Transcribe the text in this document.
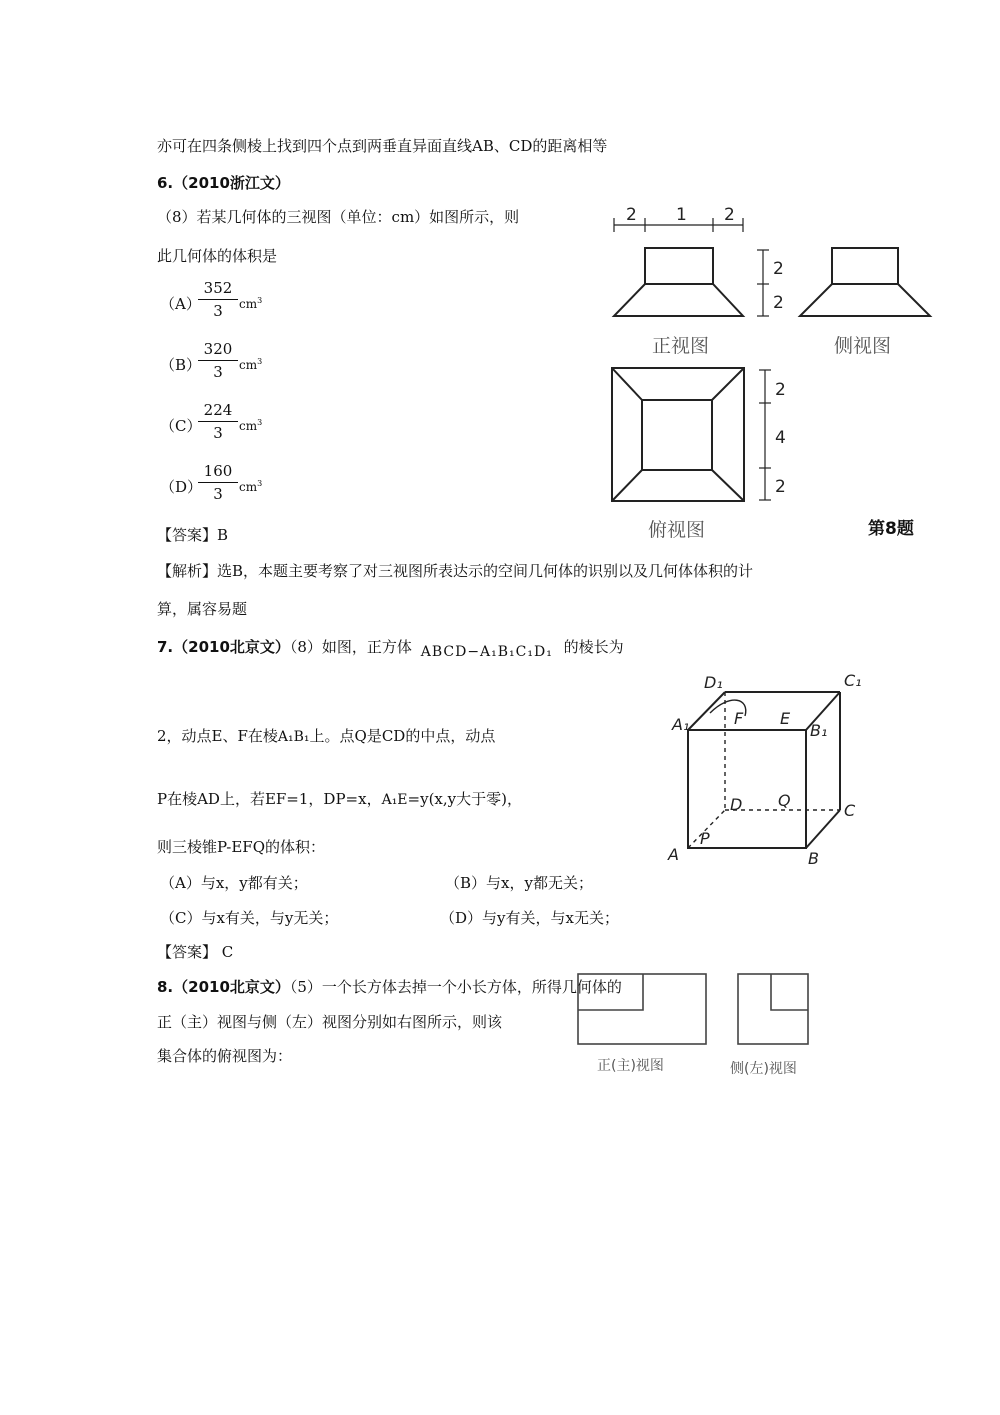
亦可在四条侧棱上找到四个点到两垂直异面直线AB、CD的距离相等
6.（2010浙江文）
（8）若某几何体的三视图（单位：cm）如图所示，则
此几何体的体积是
（A）
$\frac{352}{3} cm^3$
（B）
$\frac{320}{3} cm^3$
（C）
$\frac{224}{3} cm^3$
（D）
$\frac{160}{3} cm^3$
【答案】B
【解析】选B，本题主要考察了对三视图所表达示的空间几何体的识别以及几何体体积的计
算，属容易题
2 1 2
2
2
2
4
2
正视图	侧视图
俯视图	第8题
7.（2010北京文）（8）如图，正方体 ABCD−A₁B₁C₁D₁ 的棱长为
2，动点E、F在棱A₁B₁上。点Q是CD的中点，动点
P在棱AD上，若EF=1，DP=x，A₁E=y(x,y大于零)，
则三棱锥P-EFQ的体积：
（A）与x，y都有关；	（B）与x，y都无关；
（C）与x有关，与y无关；	（D）与y有关，与x无关；
【答案】 C
D₁	C₁
A₁	F E
B₁
D Q
C
P
A	B
8.（2010北京文）（5）一个长方体去掉一个小长方体，所得几何体的
正（主）视图与侧（左）视图分别如右图所示，则该
集合体的俯视图为：
正(主)视图	侧(左)视图
